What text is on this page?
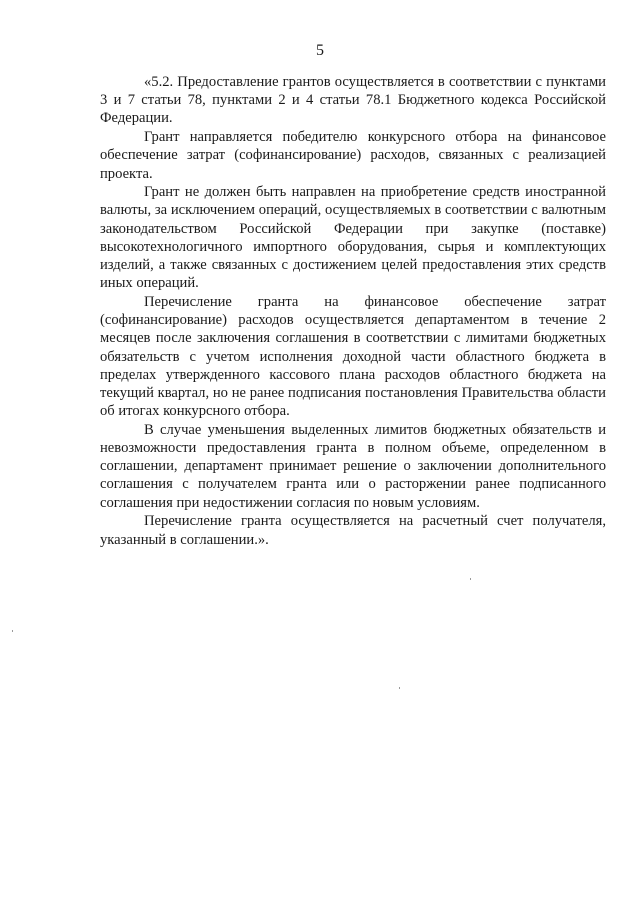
5

«5.2. Предоставление грантов осуществляется в соответствии с пунктами 3 и 7 статьи 78, пунктами 2 и 4 статьи 78.1 Бюджетного кодекса Российской Федерации.

Грант направляется победителю конкурсного отбора на финансовое обеспечение затрат (софинансирование) расходов, связанных с реализацией проекта.

Грант не должен быть направлен на приобретение средств иностранной валюты, за исключением операций, осуществляемых в соответствии с валютным законодательством Российской Федерации при закупке (поставке) высокотехнологичного импортного оборудования, сырья и комплектующих изделий, а также связанных с достижением целей предоставления этих средств иных операций.

Перечисление гранта на финансовое обеспечение затрат (софинансирование) расходов осуществляется департаментом в течение 2 месяцев после заключения соглашения в соответствии с лимитами бюджетных обязательств с учетом исполнения доходной части областного бюджета в пределах утвержденного кассового плана расходов областного бюджета на текущий квартал, но не ранее подписания постановления Правительства области об итогах конкурсного отбора.

В случае уменьшения выделенных лимитов бюджетных обязательств и невозможности предоставления гранта в полном объеме, определенном в соглашении, департамент принимает решение о заключении дополнительного соглашения с получателем гранта или о расторжении ранее подписанного соглашения при недостижении согласия по новым условиям.

Перечисление гранта осуществляется на расчетный счет получателя, указанный в соглашении.».
